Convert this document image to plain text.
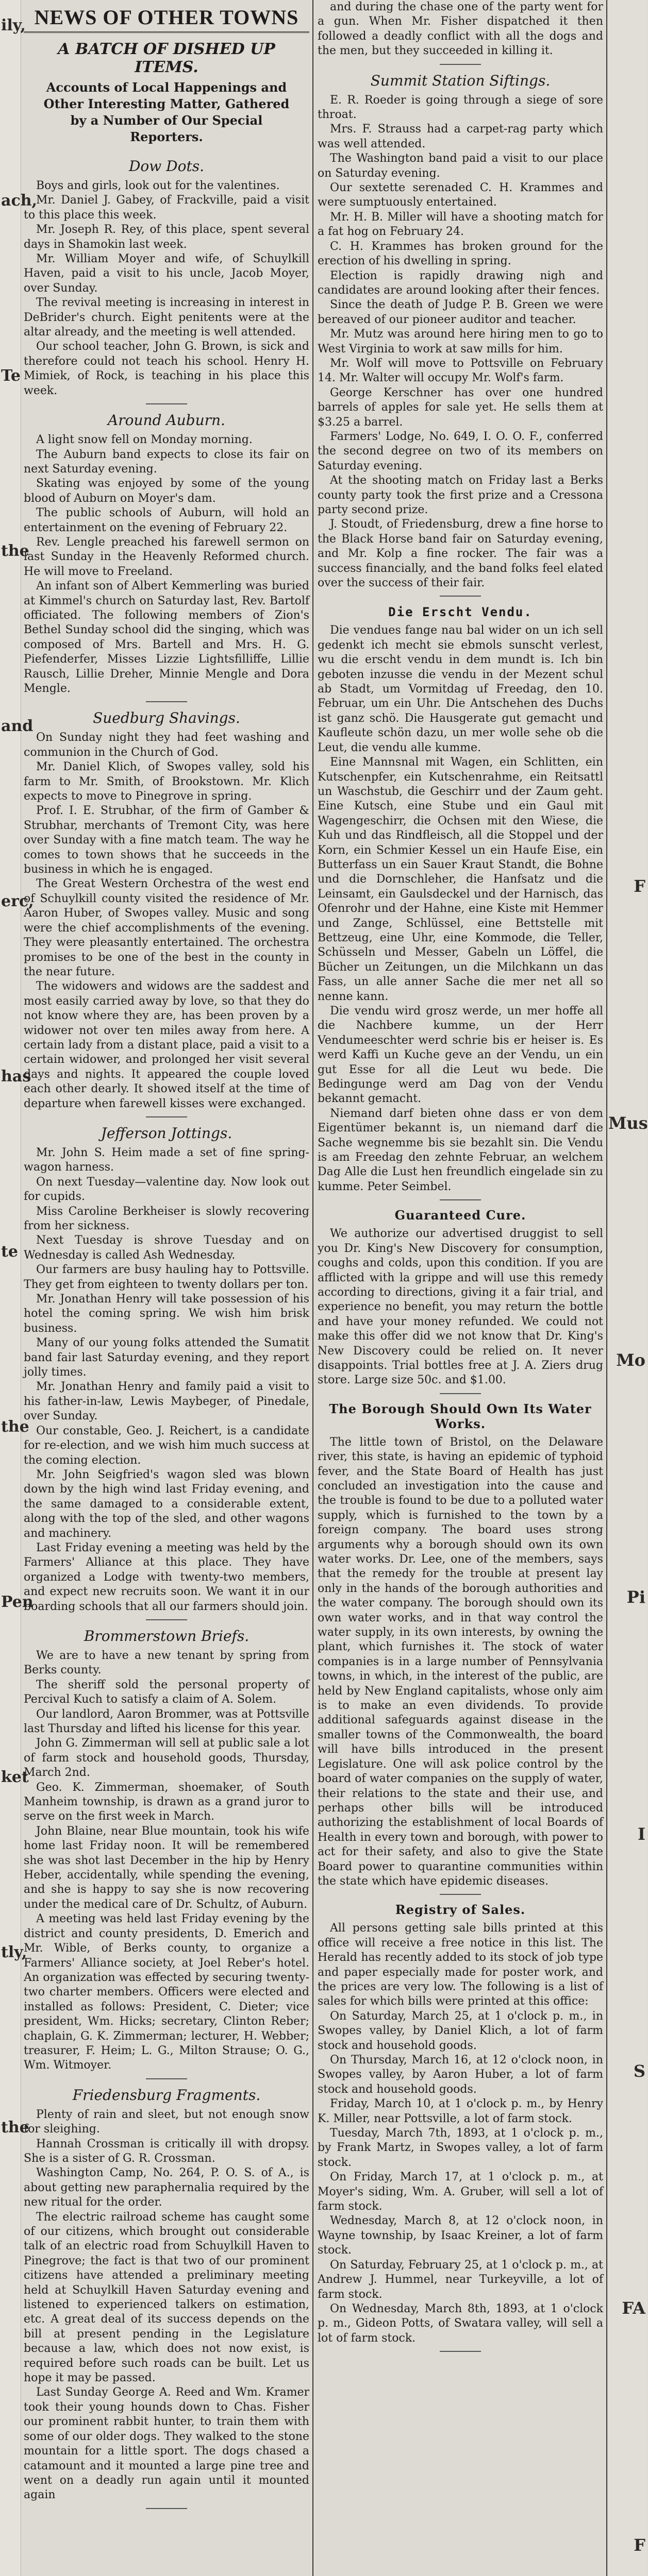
ily,
ach,
Te
the
and
erc,
has
te
the
Pen
ket
tly,
the
F
Mus
Mo
Pi
I
S
FA
F
NEWS OF OTHER TOWNS
A BATCH OF DISHED UP ITEMS.
Accounts of Local Happenings and Other Interesting Matter, Gathered by a Number of Our Special Reporters.
Dow Dots.

Boys and girls, look out for the valentines.

Mr. Daniel J. Gabey, of Frackville, paid a visit to this place this week.

Mr. Joseph R. Rey, of this place, spent several days in Shamokin last week.

Mr. William Moyer and wife, of Schuylkill Haven, paid a visit to his uncle, Jacob Moyer, over Sunday.

The revival meeting is increasing in interest in DeBrider's church. Eight penitents were at the altar already, and the meeting is well attended.

Our school teacher, John G. Brown, is sick and therefore could not teach his school. Henry H. Mimiek, of Rock, is teaching in his place this week.

Around Auburn.

A light snow fell on Monday morning.

The Auburn band expects to close its fair on next Saturday evening.

Skating was enjoyed by some of the young blood of Auburn on Moyer's dam.

The public schools of Auburn, will hold an entertainment on the evening of February 22.

Rev. Lengle preached his farewell sermon on last Sunday in the Heavenly Reformed church. He will move to Freeland.

An infant son of Albert Kemmerling was buried at Kimmel's church on Saturday last, Rev. Bartolf officiated. The following members of Zion's Bethel Sunday school did the singing, which was composed of Mrs. Bartell and Mrs. H. G. Piefenderfer, Misses Lizzie Lightsfilliffe, Lillie Rausch, Lillie Dreher, Minnie Mengle and Dora Mengle.

Suedburg Shavings.

On Sunday night they had feet washing and communion in the Church of God.

Mr. Daniel Klich, of Swopes valley, sold his farm to Mr. Smith, of Brookstown. Mr. Klich expects to move to Pinegrove in spring.

Prof. I. E. Strubhar, of the firm of Gamber & Strubhar, merchants of Tremont City, was here over Sunday with a fine match team. The way he comes to town shows that he succeeds in the business in which he is engaged.

The Great Western Orchestra of the west end of Schuylkill county visited the residence of Mr. Aaron Huber, of Swopes valley. Music and song were the chief accomplishments of the evening. They were pleasantly entertained. The orchestra promises to be one of the best in the county in the near future.

The widowers and widows are the saddest and most easily carried away by love, so that they do not know where they are, has been proven by a widower not over ten miles away from here. A certain lady from a distant place, paid a visit to a certain widower, and prolonged her visit several days and nights. It appeared the couple loved each other dearly. It showed itself at the time of departure when farewell kisses were exchanged.

Jefferson Jottings.

Mr. John S. Heim made a set of fine spring-wagon harness.

On next Tuesday—valentine day. Now look out for cupids.

Miss Caroline Berkheiser is slowly recovering from her sickness.

Next Tuesday is shrove Tuesday and on Wednesday is called Ash Wednesday.

Our farmers are busy hauling hay to Pottsville. They get from eighteen to twenty dollars per ton.

Mr. Jonathan Henry will take possession of his hotel the coming spring. We wish him brisk business.

Many of our young folks attended the Sumatit band fair last Saturday evening, and they report jolly times.

Mr. Jonathan Henry and family paid a visit to his father-in-law, Lewis Maybeger, of Pinedale, over Sunday.

Our constable, Geo. J. Reichert, is a candidate for re-election, and we wish him much success at the coming election.

Mr. John Seigfried's wagon sled was blown down by the high wind last Friday evening, and the same damaged to a considerable extent, along with the top of the sled, and other wagons and machinery.

Last Friday evening a meeting was held by the Farmers' Alliance at this place. They have organized a Lodge with twenty-two members, and expect new recruits soon. We want it in our boarding schools that all our farmers should join.

Brommerstown Briefs.

We are to have a new tenant by spring from Berks county.

The sheriff sold the personal property of Percival Kuch to satisfy a claim of A. Solem.

Our landlord, Aaron Brommer, was at Pottsville last Thursday and lifted his license for this year.

John G. Zimmerman will sell at public sale a lot of farm stock and household goods, Thursday, March 2nd.

Geo. K. Zimmerman, shoemaker, of South Manheim township, is drawn as a grand juror to serve on the first week in March.

John Blaine, near Blue mountain, took his wife home last Friday noon. It will be remembered she was shot last December in the hip by Henry Heber, accidentally, while spending the evening, and she is happy to say she is now recovering under the medical care of Dr. Schultz, of Auburn.

A meeting was held last Friday evening by the district and county presidents, D. Emerich and Mr. Wible, of Berks county, to organize a Farmers' Alliance society, at Joel Reber's hotel. An organization was effected by securing twenty-two charter members. Officers were elected and installed as follows: President, C. Dieter; vice president, Wm. Hicks; secretary, Clinton Reber; chaplain, G. K. Zimmerman; lecturer, H. Webber; treasurer, F. Heim; L. G., Milton Strause; O. G., Wm. Witmoyer.

Friedensburg Fragments.

Plenty of rain and sleet, but not enough snow for sleighing.

Hannah Crossman is critically ill with dropsy. She is a sister of G. R. Crossman.

Washington Camp, No. 264, P. O. S. of A., is about getting new paraphernalia required by the new ritual for the order.

The electric railroad scheme has caught some of our citizens, which brought out considerable talk of an electric road from Schuylkill Haven to Pinegrove; the fact is that two of our prominent citizens have attended a preliminary meeting held at Schuylkill Haven Saturday evening and listened to experienced talkers on estimation, etc. A great deal of its success depends on the bill at present pending in the Legislature because a law, which does not now exist, is required before such roads can be built. Let us hope it may be passed.

Last Sunday George A. Reed and Wm. Kramer took their young hounds down to Chas. Fisher our prominent rabbit hunter, to train them with some of our older dogs. They walked to the stone mountain for a little sport. The dogs chased a catamount and it mounted a large pine tree and went on a deadly run again until it mounted again

and during the chase one of the party went for a gun. When Mr. Fisher dispatched it then followed a deadly conflict with all the dogs and the men, but they succeeded in killing it.

Summit Station Siftings.

E. R. Roeder is going through a siege of sore throat.

Mrs. F. Strauss had a carpet-rag party which was well attended.

The Washington band paid a visit to our place on Saturday evening.

Our sextette serenaded C. H. Krammes and were sumptuously entertained.

Mr. H. B. Miller will have a shooting match for a fat hog on February 24.

C. H. Krammes has broken ground for the erection of his dwelling in spring.

Election is rapidly drawing nigh and candidates are around looking after their fences.

Since the death of Judge P. B. Green we were bereaved of our pioneer auditor and teacher.

Mr. Mutz was around here hiring men to go to West Virginia to work at saw mills for him.

Mr. Wolf will move to Pottsville on February 14. Mr. Walter will occupy Mr. Wolf's farm.

George Kerschner has over one hundred barrels of apples for sale yet. He sells them at $3.25 a barrel.

Farmers' Lodge, No. 649, I. O. O. F., conferred the second degree on two of its members on Saturday evening.

At the shooting match on Friday last a Berks county party took the first prize and a Cressona party second prize.

J. Stoudt, of Friedensburg, drew a fine horse to the Black Horse band fair on Saturday evening, and Mr. Kolp a fine rocker. The fair was a success financially, and the band folks feel elated over the success of their fair.

Die Erscht Vendu.

Die vendues fange nau bal wider on un ich sell gedenkt ich mecht sie ebmols sunscht verlest, wu die erscht vendu in dem mundt is. Ich bin geboten inzusse die vendu in der Mezent schul ab Stadt, um Vormitdag uf Freedag, den 10. Februar, um ein Uhr. Die Antschehen des Duchs ist ganz schö. Die Hausgerate gut gemacht und Kaufleute schön dazu, un mer wolle sehe ob die Leut, die vendu alle kumme.

Eine Mannsnal mit Wagen, ein Schlitten, ein Kutschenpfer, ein Kutschenrahme, ein Reitsattl un Waschstub, die Geschirr und der Zaum geht. Eine Kutsch, eine Stube und ein Gaul mit Wagengeschirr, die Ochsen mit den Wiese, die Kuh und das Rindfleisch, all die Stoppel und der Korn, ein Schmier Kessel un ein Haufe Eise, ein Butterfass un ein Sauer Kraut Standt, die Bohne und die Dornschleher, die Hanfsatz und die Leinsamt, ein Gaulsdeckel und der Harnisch, das Ofenrohr und der Hahne, eine Kiste mit Hemmer und Zange, Schlüssel, eine Bettstelle mit Bettzeug, eine Uhr, eine Kommode, die Teller, Schüsseln und Messer, Gabeln un Löffel, die Bücher un Zeitungen, un die Milchkann un das Fass, un alle anner Sache die mer net all so nenne kann.

Die vendu wird grosz werde, un mer hoffe all die Nachbere kumme, un der Herr Vendumeeschter werd schrie bis er heiser is. Es werd Kaffi un Kuche geve an der Vendu, un ein gut Esse for all die Leut wu bede. Die Bedingunge werd am Dag von der Vendu bekannt gemacht.

Niemand darf bieten ohne dass er von dem Eigentümer bekannt is, un niemand darf die Sache wegnemme bis sie bezahlt sin. Die Vendu is am Freedag den zehnte Februar, an welchem Dag Alle die Lust hen freundlich eingelade sin zu kumme. Peter Seimbel.

Guaranteed Cure.

We authorize our advertised druggist to sell you Dr. King's New Discovery for consumption, coughs and colds, upon this condition. If you are afflicted with la grippe and will use this remedy according to directions, giving it a fair trial, and experience no benefit, you may return the bottle and have your money refunded. We could not make this offer did we not know that Dr. King's New Discovery could be relied on. It never disappoints. Trial bottles free at J. A. Ziers drug store. Large size 50c. and $1.00.

The Borough Should Own Its Water Works.

The little town of Bristol, on the Delaware river, this state, is having an epidemic of typhoid fever, and the State Board of Health has just concluded an investigation into the cause and the trouble is found to be due to a polluted water supply, which is furnished to the town by a foreign company. The board uses strong arguments why a borough should own its own water works. Dr. Lee, one of the members, says that the remedy for the trouble at present lay only in the hands of the borough authorities and the water company. The borough should own its own water works, and in that way control the water supply, in its own interests, by owning the plant, which furnishes it. The stock of water companies is in a large number of Pennsylvania towns, in which, in the interest of the public, are held by New England capitalists, whose only aim is to make an even dividends. To provide additional safeguards against disease in the smaller towns of the Commonwealth, the board will have bills introduced in the present Legislature. One will ask police control by the board of water companies on the supply of water, their relations to the state and their use, and perhaps other bills will be introduced authorizing the establishment of local Boards of Health in every town and borough, with power to act for their safety, and also to give the State Board power to quarantine communities within the state which have epidemic diseases.

Registry of Sales.

All persons getting sale bills printed at this office will receive a free notice in this list. The Herald has recently added to its stock of job type and paper especially made for poster work, and the prices are very low. The following is a list of sales for which bills were printed at this office:

On Saturday, March 25, at 1 o'clock p. m., in Swopes valley, by Daniel Klich, a lot of farm stock and household goods.

On Thursday, March 16, at 12 o'clock noon, in Swopes valley, by Aaron Huber, a lot of farm stock and household goods.

Friday, March 10, at 1 o'clock p. m., by Henry K. Miller, near Pottsville, a lot of farm stock.

Tuesday, March 7th, 1893, at 1 o'clock p. m., by Frank Martz, in Swopes valley, a lot of farm stock.

On Friday, March 17, at 1 o'clock p. m., at Moyer's siding, Wm. A. Gruber, will sell a lot of farm stock.

Wednesday, March 8, at 12 o'clock noon, in Wayne township, by Isaac Kreiner, a lot of farm stock.

On Saturday, February 25, at 1 o'clock p. m., at Andrew J. Hummel, near Turkeyville, a lot of farm stock.

On Wednesday, March 8th, 1893, at 1 o'clock p. m., Gideon Potts, of Swatara valley, will sell a lot of farm stock.
